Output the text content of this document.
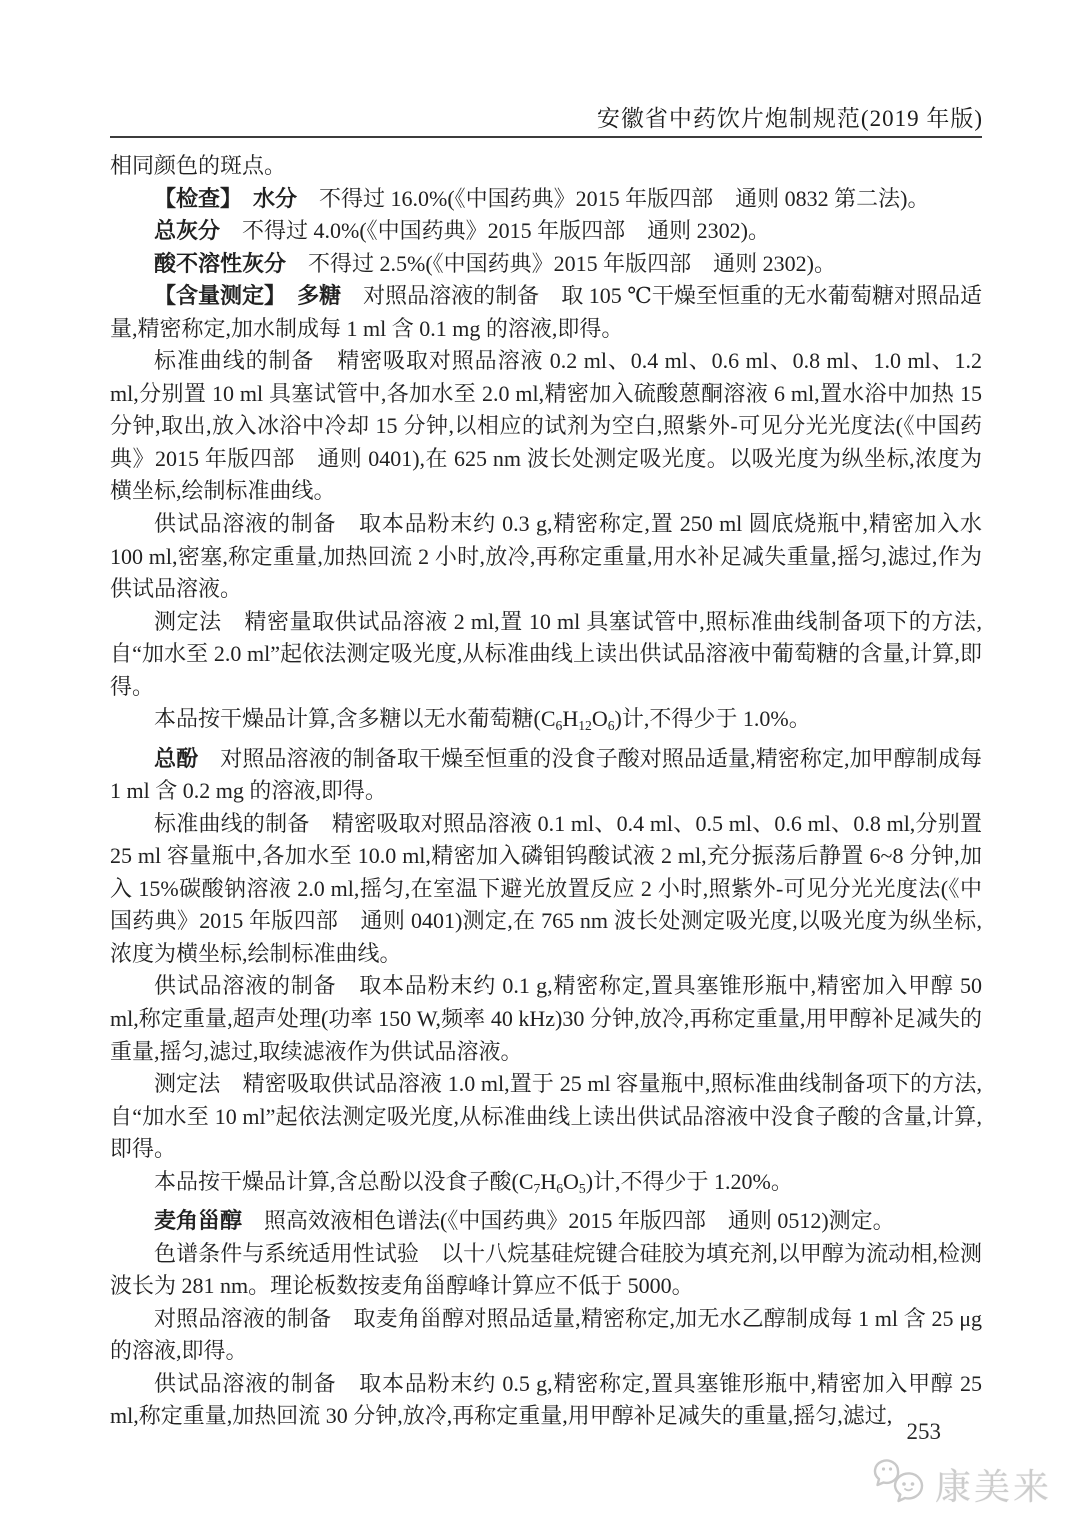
安徽省中药饮片炮制规范(2019 年版)

相同颜色的斑点。

【检查】　水分　不得过 16.0%(《中国药典》2015 年版四部　通则 0832 第二法)。

总灰分　不得过 4.0%(《中国药典》2015 年版四部　通则 2302)。

酸不溶性灰分　不得过 2.5%(《中国药典》2015 年版四部　通则 2302)。

【含量测定】　多糖　对照品溶液的制备　取 105 ℃干燥至恒重的无水葡萄糖对照品适量,精密称定,加水制成每 1 ml 含 0.1 mg 的溶液,即得。

标准曲线的制备　精密吸取对照品溶液 0.2 ml、0.4 ml、0.6 ml、0.8 ml、1.0 ml、1.2 ml,分别置 10 ml 具塞试管中,各加水至 2.0 ml,精密加入硫酸蒽酮溶液 6 ml,置水浴中加热 15 分钟,取出,放入冰浴中冷却 15 分钟,以相应的试剂为空白,照紫外-可见分光光度法(《中国药典》2015 年版四部　通则 0401),在 625 nm 波长处测定吸光度。以吸光度为纵坐标,浓度为横坐标,绘制标准曲线。

供试品溶液的制备　取本品粉末约 0.3 g,精密称定,置 250 ml 圆底烧瓶中,精密加入水 100 ml,密塞,称定重量,加热回流 2 小时,放冷,再称定重量,用水补足减失重量,摇匀,滤过,作为供试品溶液。

测定法　精密量取供试品溶液 2 ml,置 10 ml 具塞试管中,照标准曲线制备项下的方法,自“加水至 2.0 ml”起依法测定吸光度,从标准曲线上读出供试品溶液中葡萄糖的含量,计算,即得。

本品按干燥品计算,含多糖以无水葡萄糖$(C_6H_{12}O_6)$计,不得少于 1.0%。

总酚　对照品溶液的制备取干燥至恒重的没食子酸对照品适量,精密称定,加甲醇制成每 1 ml 含 0.2 mg 的溶液,即得。

标准曲线的制备　精密吸取对照品溶液 0.1 ml、0.4 ml、0.5 ml、0.6 ml、0.8 ml,分别置 25 ml 容量瓶中,各加水至 10.0 ml,精密加入磷钼钨酸试液 2 ml,充分振荡后静置 6~8 分钟,加入 15%碳酸钠溶液 2.0 ml,摇匀,在室温下避光放置反应 2 小时,照紫外-可见分光光度法(《中国药典》2015 年版四部　通则 0401)测定,在 765 nm 波长处测定吸光度,以吸光度为纵坐标,浓度为横坐标,绘制标准曲线。

供试品溶液的制备　取本品粉末约 0.1 g,精密称定,置具塞锥形瓶中,精密加入甲醇 50 ml,称定重量,超声处理(功率 150 W,频率 40 kHz)30 分钟,放冷,再称定重量,用甲醇补足减失的重量,摇匀,滤过,取续滤液作为供试品溶液。

测定法　精密吸取供试品溶液 1.0 ml,置于 25 ml 容量瓶中,照标准曲线制备项下的方法,自“加水至 10 ml”起依法测定吸光度,从标准曲线上读出供试品溶液中没食子酸的含量,计算,即得。

本品按干燥品计算,含总酚以没食子酸$(C_7H_6O_5)$计,不得少于 1.20%。

麦角甾醇　照高效液相色谱法(《中国药典》2015 年版四部　通则 0512)测定。

色谱条件与系统适用性试验　以十八烷基硅烷键合硅胶为填充剂,以甲醇为流动相,检测波长为 281 nm。理论板数按麦角甾醇峰计算应不低于 5000。

对照品溶液的制备　取麦角甾醇对照品适量,精密称定,加无水乙醇制成每 1 ml 含 25 μg的溶液,即得。

供试品溶液的制备　取本品粉末约 0.5 g,精密称定,置具塞锥形瓶中,精密加入甲醇 25 ml,称定重量,加热回流 30 分钟,放冷,再称定重量,用甲醇补足减失的重量,摇匀,滤过,

253
康美来
